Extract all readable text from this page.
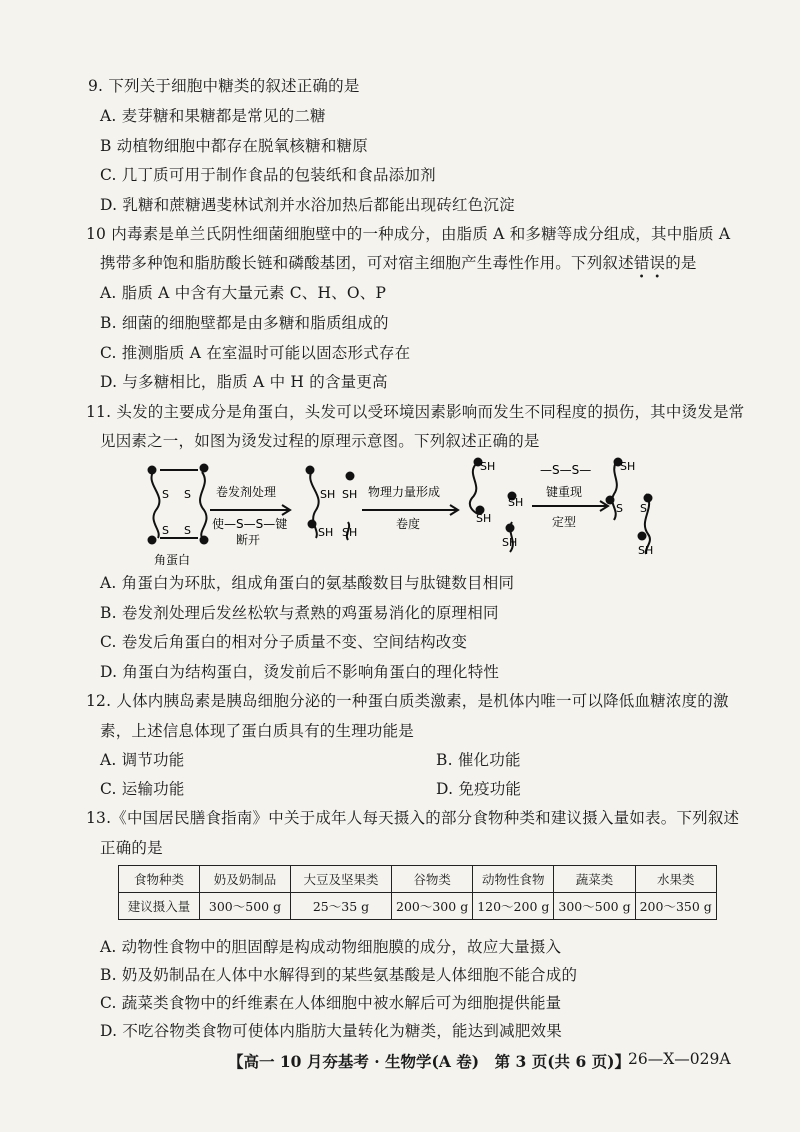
9. 下列关于细胞中糖类的叙述正确的是
A. 麦芽糖和果糖都是常见的二糖
B 动植物细胞中都存在脱氧核糖和糖原
C. 几丁质可用于制作食品的包装纸和食品添加剂
D. 乳糖和蔗糖遇斐林试剂并水浴加热后都能出现砖红色沉淀
10 内毒素是单兰氏阴性细菌细胞壁中的一种成分，由脂质 A 和多糖等成分组成，其中脂质 A
携带多种饱和脂肪酸长链和磷酸基团，可对宿主细胞产生毒性作用。下列叙述错误的是
A. 脂质 A 中含有大量元素 C、H、O、P
B. 细菌的细胞壁都是由多糖和脂质组成的
C. 推测脂质 A 在室温时可能以固态形式存在
D. 与多糖相比，脂质 A 中 H 的含量更高
11. 头发的主要成分是角蛋白，头发可以受环境因素影响而发生不同程度的损伤，其中烫发是常
见因素之一，如图为烫发过程的原理示意图。下列叙述正确的是
S S
S S
SH SH
SH SH
SH
SH
SH
SH
SH
S S
SH
卷发剂处理
使—S—S—键
断开
物理力量形成
卷度
—S—S—
键重现
定型
角蛋白
A. 角蛋白为环肽，组成角蛋白的氨基酸数目与肽键数目相同
B. 卷发剂处理后发丝松软与煮熟的鸡蛋易消化的原理相同
C. 卷发后角蛋白的相对分子质量不变、空间结构改变
D. 角蛋白为结构蛋白，烫发前后不影响角蛋白的理化特性
12. 人体内胰岛素是胰岛细胞分泌的一种蛋白质类激素，是机体内唯一可以降低血糖浓度的激
素，上述信息体现了蛋白质具有的生理功能是
A. 调节功能	B. 催化功能
C. 运输功能	D. 免疫功能
13.《中国居民膳食指南》中关于成年人每天摄入的部分食物种类和建议摄入量如表。下列叙述
正确的是
食物种类	奶及奶制品	大豆及坚果类	谷物类	动物性食物	蔬菜类	水果类
建议摄入量	300～500 g	25～35 g	200～300 g	120～200 g	300～500 g	200～350 g
A. 动物性食物中的胆固醇是构成动物细胞膜的成分，故应大量摄入
B. 奶及奶制品在人体中水解得到的某些氨基酸是人体细胞不能合成的
C. 蔬菜类食物中的纤维素在人体细胞中被水解后可为细胞提供能量
D. 不吃谷物类食物可使体内脂肪大量转化为糖类，能达到减肥效果
【高一 10 月夯基考 · 生物学(A 卷)　第 3 页(共 6 页)】
26—X—029A
